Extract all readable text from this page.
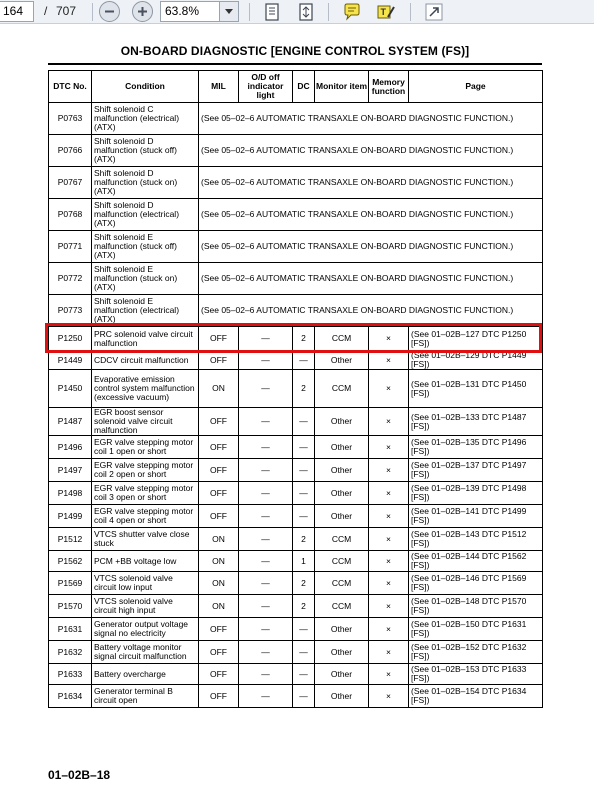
164	/ 707	63.8%	T
ON-BOARD DIAGNOSTIC [ENGINE CONTROL SYSTEM (FS)]
DTC No.	Condition	MIL	O/D off indicator light	DC	Monitor item	Memory function	Page
P0763	Shift solenoid C malfunction (electrical) (ATX)	(See 05–02–6 AUTOMATIC TRANSAXLE ON-BOARD DIAGNOSTIC FUNCTION.)					
P0766	Shift solenoid D malfunction (stuck off) (ATX)	(See 05–02–6 AUTOMATIC TRANSAXLE ON-BOARD DIAGNOSTIC FUNCTION.)					
P0767	Shift solenoid D malfunction (stuck on) (ATX)	(See 05–02–6 AUTOMATIC TRANSAXLE ON-BOARD DIAGNOSTIC FUNCTION.)					
P0768	Shift solenoid D malfunction (electrical) (ATX)	(See 05–02–6 AUTOMATIC TRANSAXLE ON-BOARD DIAGNOSTIC FUNCTION.)					
P0771	Shift solenoid E malfunction (stuck off) (ATX)	(See 05–02–6 AUTOMATIC TRANSAXLE ON-BOARD DIAGNOSTIC FUNCTION.)					
P0772	Shift solenoid E malfunction (stuck on) (ATX)	(See 05–02–6 AUTOMATIC TRANSAXLE ON-BOARD DIAGNOSTIC FUNCTION.)					
P0773	Shift solenoid E malfunction (electrical) (ATX)	(See 05–02–6 AUTOMATIC TRANSAXLE ON-BOARD DIAGNOSTIC FUNCTION.)					
P1250	PRC solenoid valve circuit malfunction	OFF	—	2	CCM	×	(See 01–02B–127 DTC P1250 [FS])
P1449	CDCV circuit malfunction	OFF	—	—	Other	×	(See 01–02B–129 DTC P1449 [FS])
P1450	Evaporative emission control system malfunction (excessive vacuum)	ON	—	2	CCM	×	(See 01–02B–131 DTC P1450 [FS])
P1487	EGR boost sensor solenoid valve circuit malfunction	OFF	—	—	Other	×	(See 01–02B–133 DTC P1487 [FS])
P1496	EGR valve stepping motor coil 1 open or short	OFF	—	—	Other	×	(See 01–02B–135 DTC P1496 [FS])
P1497	EGR valve stepping motor coil 2 open or short	OFF	—	—	Other	×	(See 01–02B–137 DTC P1497 [FS])
P1498	EGR valve stepping motor coil 3 open or short	OFF	—	—	Other	×	(See 01–02B–139 DTC P1498 [FS])
P1499	EGR valve stepping motor coil 4 open or short	OFF	—	—	Other	×	(See 01–02B–141 DTC P1499 [FS])
P1512	VTCS shutter valve close stuck	ON	—	2	CCM	×	(See 01–02B–143 DTC P1512 [FS])
P1562	PCM +BB voltage low	ON	—	1	CCM	×	(See 01–02B–144 DTC P1562 [FS])
P1569	VTCS solenoid valve circuit low input	ON	—	2	CCM	×	(See 01–02B–146 DTC P1569 [FS])
P1570	VTCS solenoid valve circuit high input	ON	—	2	CCM	×	(See 01–02B–148 DTC P1570 [FS])
P1631	Generator output voltage signal no electricity	OFF	—	—	Other	×	(See 01–02B–150 DTC P1631 [FS])
P1632	Battery voltage monitor signal circuit malfunction	OFF	—	—	Other	×	(See 01–02B–152 DTC P1632 [FS])
P1633	Battery overcharge	OFF	—	—	Other	×	(See 01–02B–153 DTC P1633 [FS])
P1634	Generator terminal B circuit open	OFF	—	—	Other	×	(See 01–02B–154 DTC P1634 [FS])
01–02B–18
